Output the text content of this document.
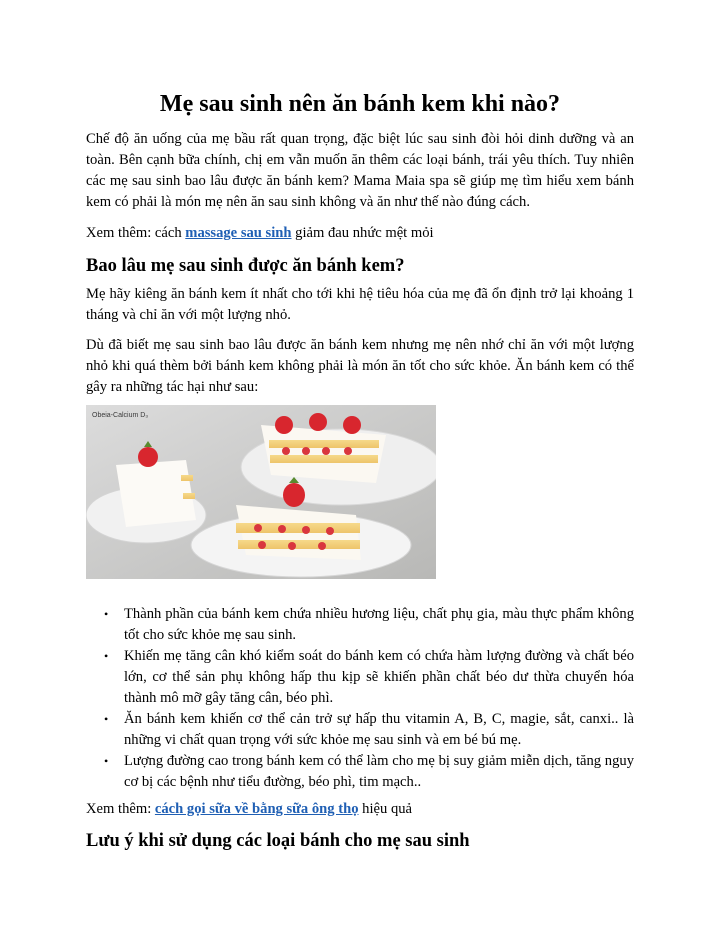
Mẹ sau sinh nên ăn bánh kem khi nào?

Chế độ ăn uống của mẹ bầu rất quan trọng, đặc biệt lúc sau sinh đòi hỏi dinh dưỡng và an toàn. Bên cạnh bữa chính, chị em vẫn muốn ăn thêm các loại bánh, trái yêu thích. Tuy nhiên các mẹ sau sinh bao lâu được ăn bánh kem? Mama Maia spa sẽ giúp mẹ tìm hiểu xem bánh kem có phải là món mẹ nên ăn sau sinh không và ăn như thế nào đúng cách.

Xem thêm: cách massage sau sinh giảm đau nhức mệt mỏi

Bao lâu mẹ sau sinh được ăn bánh kem?

Mẹ hãy kiêng ăn bánh kem ít nhất cho tới khi hệ tiêu hóa của mẹ đã ổn định trở lại khoảng 1 tháng và chỉ ăn với một lượng nhỏ.

Dù đã biết mẹ sau sinh bao lâu được ăn bánh kem nhưng mẹ nên nhớ chỉ ăn với một lượng nhỏ khi quá thèm bởi bánh kem không phải là món ăn tốt cho sức khỏe. Ăn bánh kem có thể gây ra những tác hại như sau:

Obeia-Calcium D₃
• Thành phần của bánh kem chứa nhiều hương liệu, chất phụ gia, màu thực phẩm không tốt cho sức khỏe mẹ sau sinh.
• Khiến mẹ tăng cân khó kiểm soát do bánh kem có chứa hàm lượng đường và chất béo lớn, cơ thể sản phụ không hấp thu kịp sẽ khiến phần chất béo dư thừa chuyển hóa thành mô mỡ gây tăng cân, béo phì.
• Ăn bánh kem khiến cơ thể cản trở sự hấp thu vitamin A, B, C, magie, sắt, canxi.. là những vi chất quan trọng với sức khỏe mẹ sau sinh và em bé bú mẹ.
• Lượng đường cao trong bánh kem có thể làm cho mẹ bị suy giảm miễn dịch, tăng nguy cơ bị các bệnh như tiểu đường, béo phì, tim mạch..

Xem thêm: cách gọi sữa về bằng sữa ông thọ hiệu quả

Lưu ý khi sử dụng các loại bánh cho mẹ sau sinh
